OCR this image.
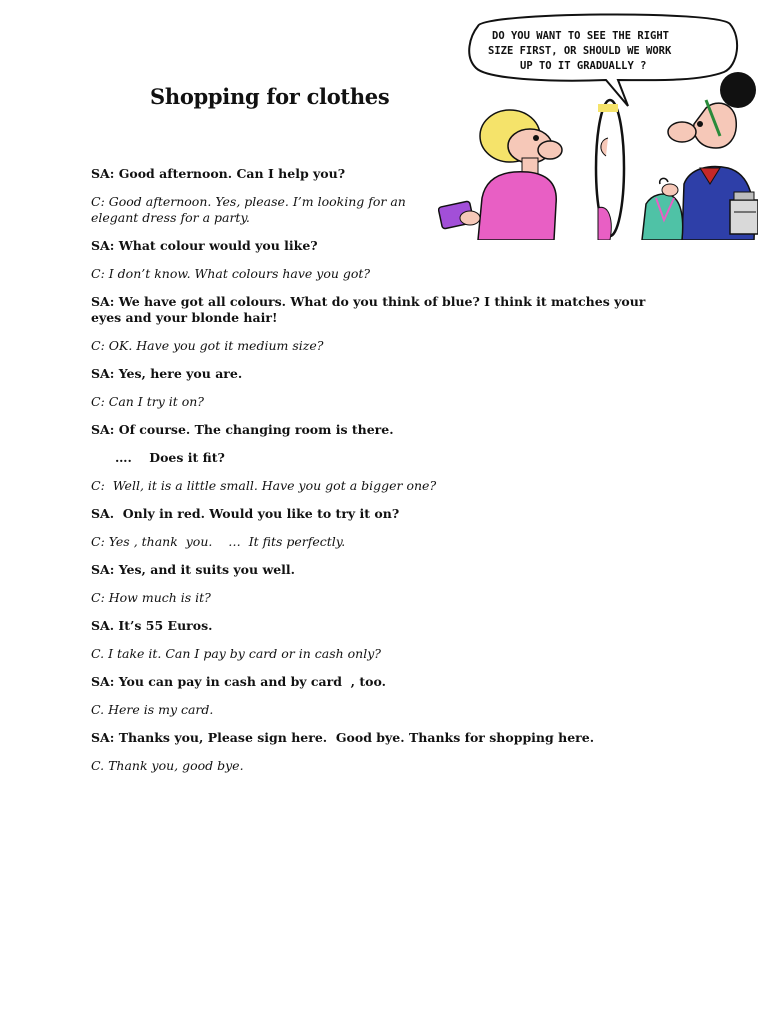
Shopping for clothes
DO YOU WANT TO SEE THE RIGHT
SIZE FIRST, OR SHOULD WE WORK
UP TO IT GRADUALLY ?

SA: Good afternoon. Can I help you?

C: Good afternoon. Yes, please. I’m looking for an elegant dress for a party.

SA: What colour would you like?

C: I don’t know. What colours have you got?

SA: We have got all colours. What do you think of blue? I think it matches your eyes and your blonde hair!

C: OK. Have you got it medium size?

SA: Yes, here you are.

C: Can I try it on?

SA: Of course. The changing room is there.

….    Does it fit?

C:  Well, it is a little small. Have you got a bigger one?

SA.  Only in red. Would you like to try it on?

C: Yes , thank  you.    …  It fits perfectly.

SA: Yes, and it suits you well.

C: How much is it?

SA. It’s 55 Euros.

C. I take it. Can I pay by card or in cash only?

SA: You can pay in cash and by card  , too.

C. Here is my card.

SA: Thanks you, Please sign here.  Good bye. Thanks for shopping here.

C. Thank you, good bye.
